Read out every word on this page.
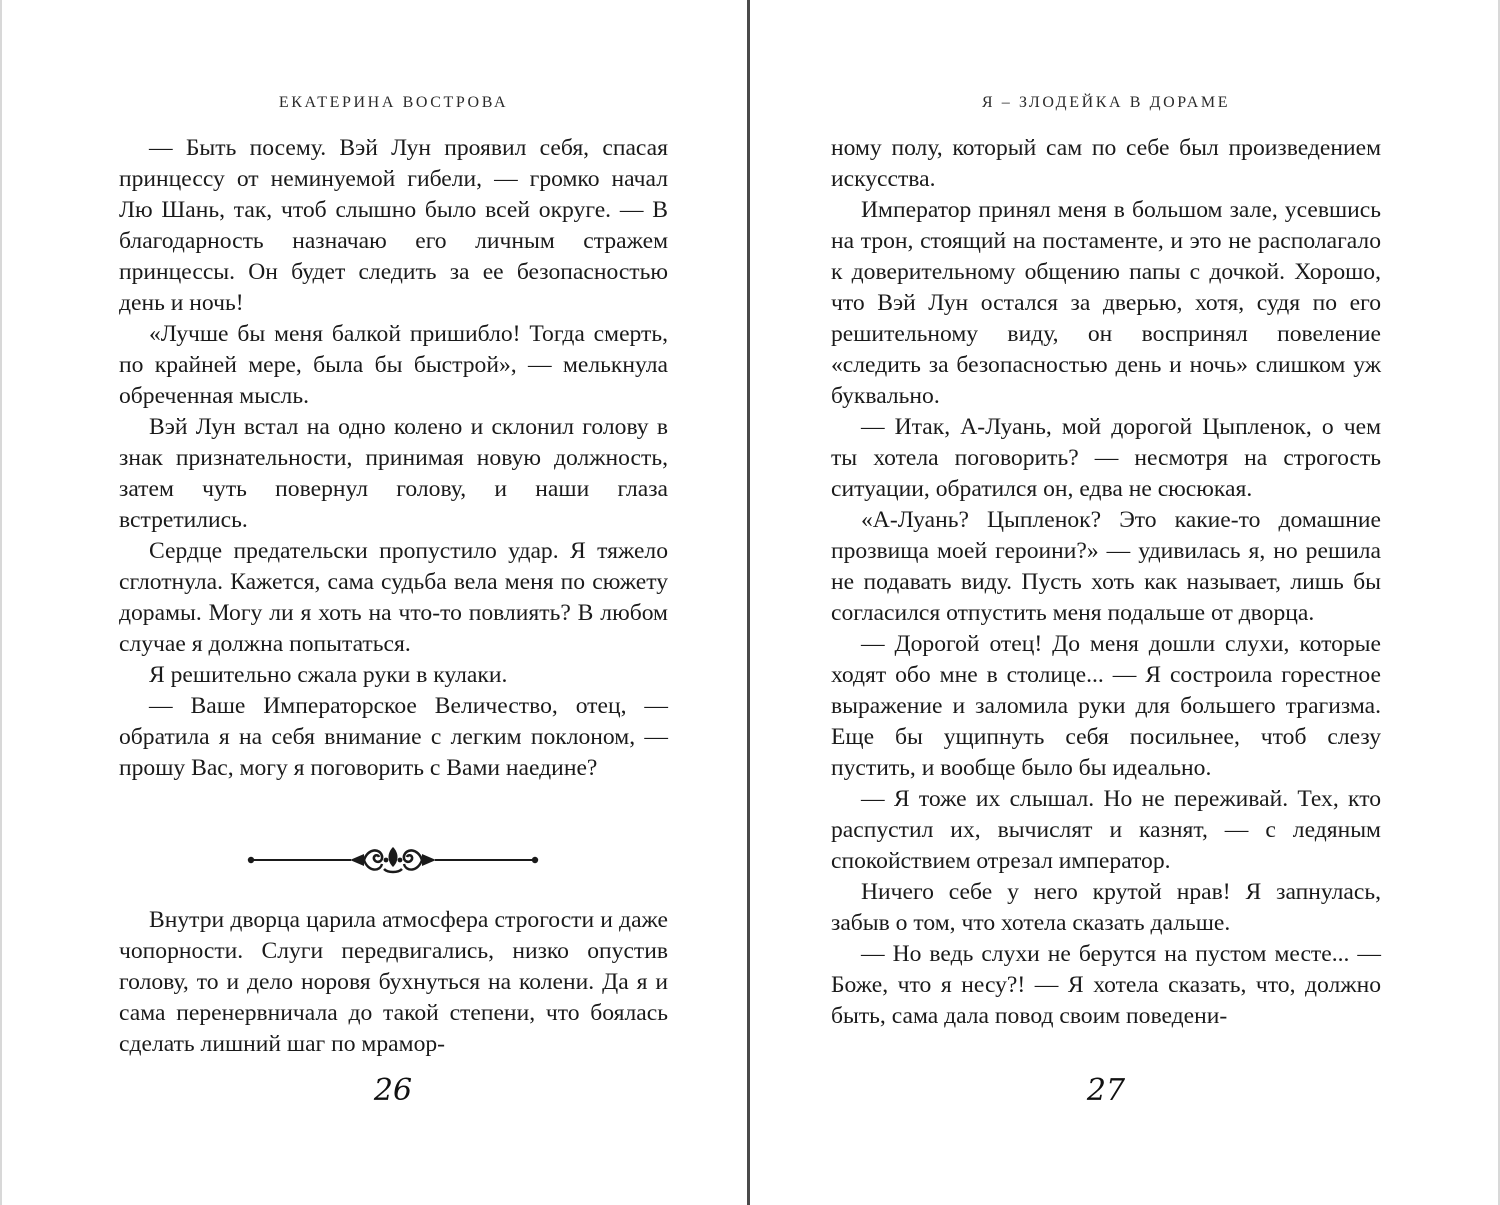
ЕКАТЕРИНА ВОСТРОВА

— Быть посему. Вэй Лун проявил себя, спасая принцессу от неминуемой гибели, — громко начал Лю Шань, так, чтоб слышно было всей округе. — В благодарность назначаю его личным стражем принцессы. Он будет следить за ее безопасностью день и ночь!

«Лучше бы меня балкой пришибло! Тогда смерть, по крайней мере, была бы быстрой», — мелькнула обреченная мысль.

Вэй Лун встал на одно колено и склонил голову в знак признательности, принимая новую должность, затем чуть повернул голову, и наши глаза встретились.

Сердце предательски пропустило удар. Я тяжело сглотнула. Кажется, сама судьба вела меня по сюжету дорамы. Могу ли я хоть на что-то повлиять? В любом случае я должна попытаться.

Я решительно сжала руки в кулаки.

— Ваше Императорское Величество, отец, — обратила я на себя внимание с легким поклоном, — прошу Вас, могу я поговорить с Вами наедине?

Внутри дворца царила атмосфера строгости и даже чопорности. Слуги передвигались, низко опустив голову, то и дело норовя бухнуться на колени. Да я и сама перенервничала до такой степени, что боялась сделать лишний шаг по мрамор-

26
Я – ЗЛОДЕЙКА В ДОРАМЕ

ному полу, который сам по себе был произведением искусства.

Император принял меня в большом зале, усевшись на трон, стоящий на постаменте, и это не располагало к доверительному общению папы с дочкой. Хорошо, что Вэй Лун остался за дверью, хотя, судя по его решительному виду, он воспринял повеление «следить за безопасностью день и ночь» слишком уж буквально.

— Итак, А-Луань, мой дорогой Цыпленок, о чем ты хотела поговорить? — несмотря на строгость ситуации, обратился он, едва не сюсюкая.

«А-Луань? Цыпленок? Это какие-то домашние прозвища моей героини?» — удивилась я, но решила не подавать виду. Пусть хоть как называет, лишь бы согласился отпустить меня подальше от дворца.

— Дорогой отец! До меня дошли слухи, которые ходят обо мне в столице... — Я состроила горестное выражение и заломила руки для большего трагизма. Еще бы ущипнуть себя посильнее, чтоб слезу пустить, и вообще было бы идеально.

— Я тоже их слышал. Но не переживай. Тех, кто распустил их, вычислят и казнят, — с ледяным спокойствием отрезал император.

Ничего себе у него крутой нрав! Я запнулась, забыв о том, что хотела сказать дальше.

— Но ведь слухи не берутся на пустом месте... — Боже, что я несу?! — Я хотела сказать, что, должно быть, сама дала повод своим поведени-

27
